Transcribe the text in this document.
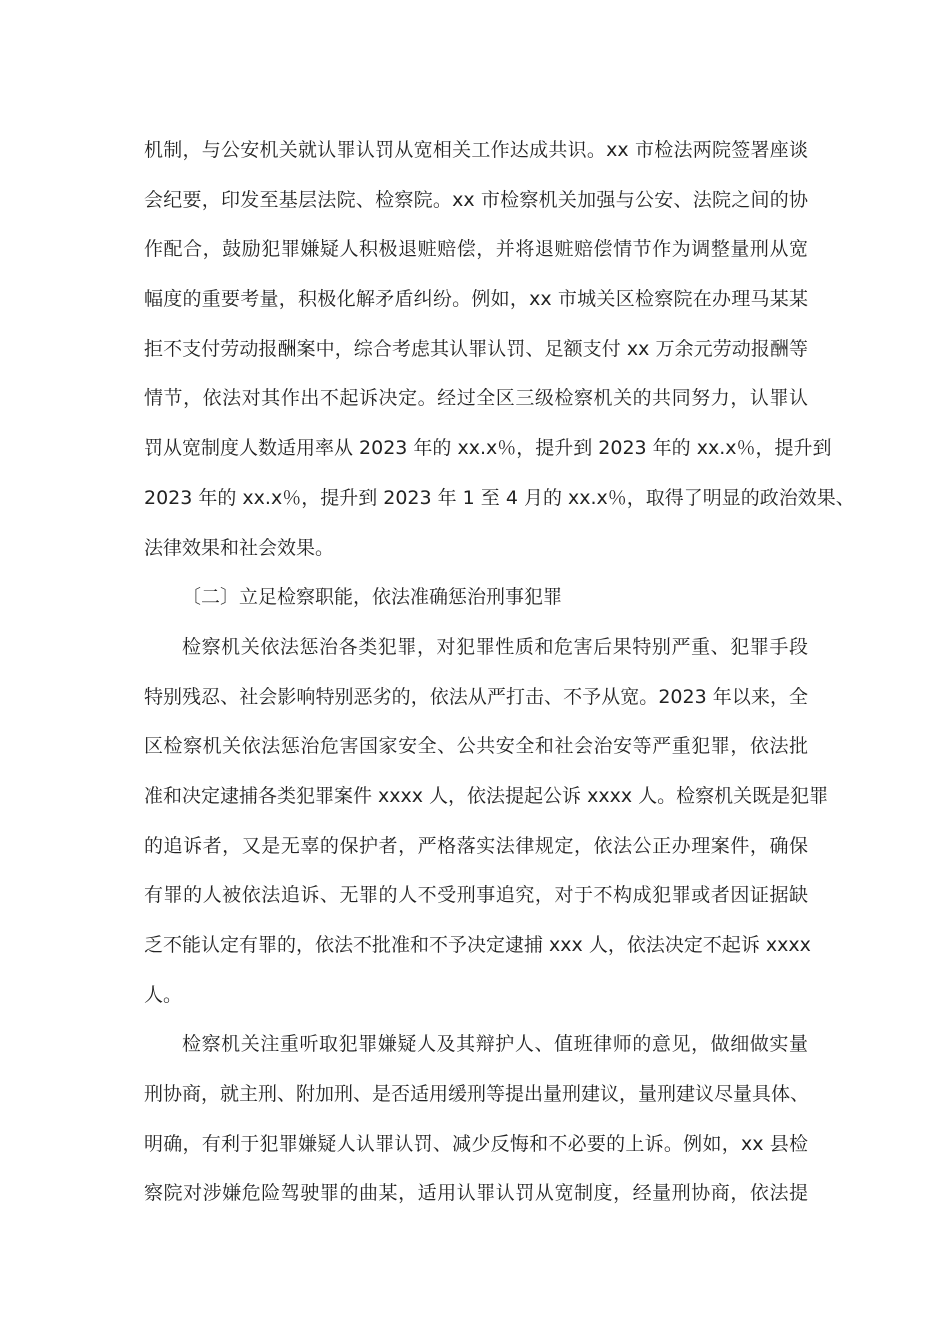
机制，与公安机关就认罪认罚从宽相关工作达成共识。xx 市检法两院签署座谈
会纪要，印发至基层法院、检察院。xx 市检察机关加强与公安、法院之间的协
作配合，鼓励犯罪嫌疑人积极退赃赔偿，并将退赃赔偿情节作为调整量刑从宽
幅度的重要考量，积极化解矛盾纠纷。例如，xx 市城关区检察院在办理马某某
拒不支付劳动报酬案中，综合考虑其认罪认罚、足额支付 xx 万余元劳动报酬等
情节，依法对其作出不起诉决定。经过全区三级检察机关的共同努力，认罪认
罚从宽制度人数适用率从 2023 年的 xx.x％，提升到 2023 年的 xx.x％，提升到
2023 年的 xx.x％，提升到 2023 年 1 至 4 月的 xx.x％，取得了明显的政治效果、
法律效果和社会效果。
〔二〕立足检察职能，依法准确惩治刑事犯罪
检察机关依法惩治各类犯罪，对犯罪性质和危害后果特别严重、犯罪手段
特别残忍、社会影响特别恶劣的，依法从严打击、不予从宽。2023 年以来，全
区检察机关依法惩治危害国家安全、公共安全和社会治安等严重犯罪，依法批
准和决定逮捕各类犯罪案件 xxxx 人，依法提起公诉 xxxx 人。检察机关既是犯罪
的追诉者，又是无辜的保护者，严格落实法律规定，依法公正办理案件，确保
有罪的人被依法追诉、无罪的人不受刑事追究，对于不构成犯罪或者因证据缺
乏不能认定有罪的，依法不批准和不予决定逮捕 xxx 人，依法决定不起诉 xxxx
人。
检察机关注重听取犯罪嫌疑人及其辩护人、值班律师的意见，做细做实量
刑协商，就主刑、附加刑、是否适用缓刑等提出量刑建议，量刑建议尽量具体、
明确，有利于犯罪嫌疑人认罪认罚、减少反悔和不必要的上诉。例如，xx 县检
察院对涉嫌危险驾驶罪的曲某，适用认罪认罚从宽制度，经量刑协商，依法提
